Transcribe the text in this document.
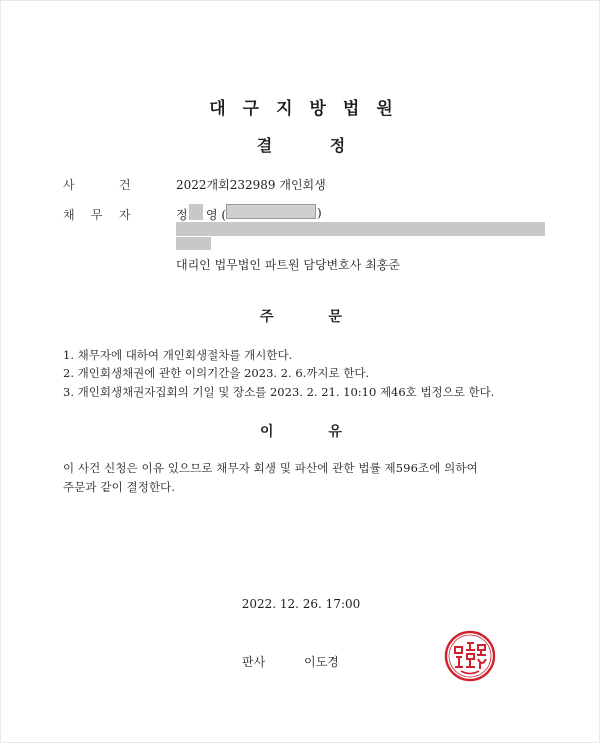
대구지방법원
결 정
사	건	2022개회232989 개인회생
채 무 자	정 영 (	)
대리인 법무법인 파트원 담당변호사 최홍준
주 문
1. 채무자에 대하여 개인회생절차를 개시한다.
2. 개인회생채권에 관한 이의기간을 2023. 2. 6.까지로 한다.
3. 개인회생채권자집회의 기일 및 장소를 2023. 2. 21. 10:10 제46호 법정으로 한다.
이 유
이 사건 신청은 이유 있으므로 채무자 회생 및 파산에 관한 법률 제596조에 의하여
주문과 같이 결정한다.
2022. 12. 26. 17:00
판사	이도경
